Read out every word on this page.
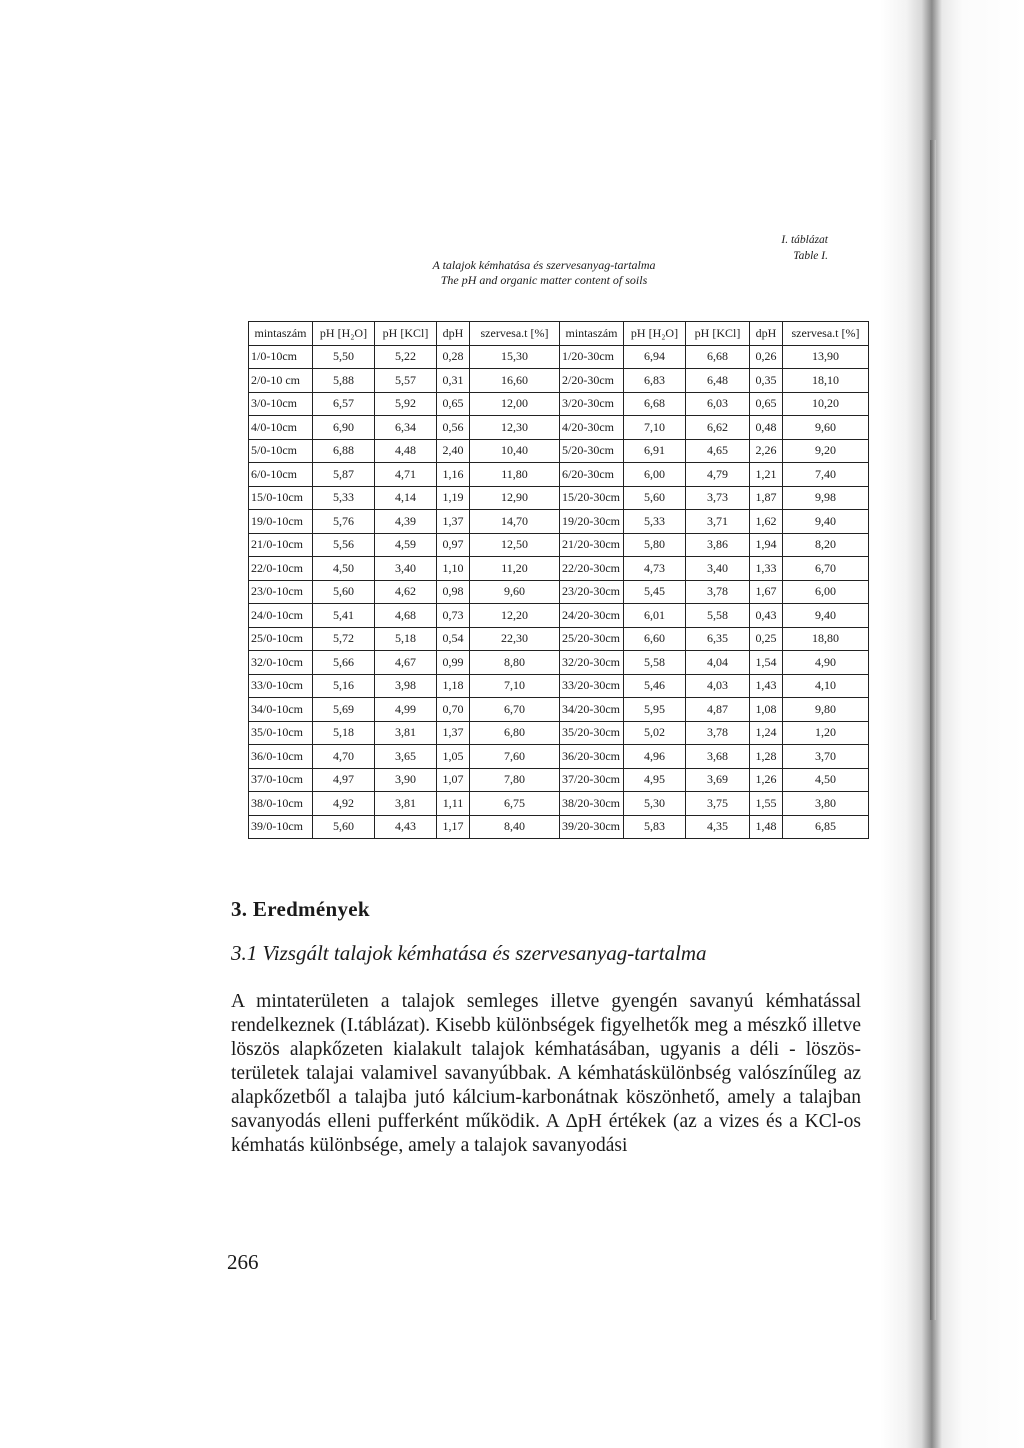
I. táblázat
Table I.
A talajok kémhatása és szervesanyag-tartalma
The pH and organic matter content of soils
mintaszám	pH [H₂O]	pH [KCl]	dpH	szervesa.t [%]	mintaszám	pH [H₂O]	pH [KCl]	dpH	szervesa.t [%]
1/0-10cm	5,50	5,22	0,28	15,30	1/20-30cm	6,94	6,68	0,26	13,90
2/0-10 cm	5,88	5,57	0,31	16,60	2/20-30cm	6,83	6,48	0,35	18,10
3/0-10cm	6,57	5,92	0,65	12,00	3/20-30cm	6,68	6,03	0,65	10,20
4/0-10cm	6,90	6,34	0,56	12,30	4/20-30cm	7,10	6,62	0,48	9,60
5/0-10cm	6,88	4,48	2,40	10,40	5/20-30cm	6,91	4,65	2,26	9,20
6/0-10cm	5,87	4,71	1,16	11,80	6/20-30cm	6,00	4,79	1,21	7,40
15/0-10cm	5,33	4,14	1,19	12,90	15/20-30cm	5,60	3,73	1,87	9,98
19/0-10cm	5,76	4,39	1,37	14,70	19/20-30cm	5,33	3,71	1,62	9,40
21/0-10cm	5,56	4,59	0,97	12,50	21/20-30cm	5,80	3,86	1,94	8,20
22/0-10cm	4,50	3,40	1,10	11,20	22/20-30cm	4,73	3,40	1,33	6,70
23/0-10cm	5,60	4,62	0,98	9,60	23/20-30cm	5,45	3,78	1,67	6,00
24/0-10cm	5,41	4,68	0,73	12,20	24/20-30cm	6,01	5,58	0,43	9,40
25/0-10cm	5,72	5,18	0,54	22,30	25/20-30cm	6,60	6,35	0,25	18,80
32/0-10cm	5,66	4,67	0,99	8,80	32/20-30cm	5,58	4,04	1,54	4,90
33/0-10cm	5,16	3,98	1,18	7,10	33/20-30cm	5,46	4,03	1,43	4,10
34/0-10cm	5,69	4,99	0,70	6,70	34/20-30cm	5,95	4,87	1,08	9,80
35/0-10cm	5,18	3,81	1,37	6,80	35/20-30cm	5,02	3,78	1,24	1,20
36/0-10cm	4,70	3,65	1,05	7,60	36/20-30cm	4,96	3,68	1,28	3,70
37/0-10cm	4,97	3,90	1,07	7,80	37/20-30cm	4,95	3,69	1,26	4,50
38/0-10cm	4,92	3,81	1,11	6,75	38/20-30cm	5,30	3,75	1,55	3,80
39/0-10cm	5,60	4,43	1,17	8,40	39/20-30cm	5,83	4,35	1,48	6,85
3. Eredmények
3.1 Vizsgált talajok kémhatása és szervesanyag-tartalma

A mintaterületen a talajok semleges illetve gyengén savanyú kémhatással rendelkeznek (I.táblázat). Kisebb különbségek figyelhetők meg a mészkő illetve löszös alapkőzeten kialakult talajok kémhatásában, ugyanis a déli - löszös- területek talajai valamivel savanyúbbak. A kémhatáskülönbség valószínűleg az alapkőzetből a talajba jutó kálcium-karbonátnak köszönhető, amely a talajban savanyodás elleni pufferként működik. A ΔpH értékek (az a vizes és a KCl-os kémhatás különbsége, amely a talajok savanyodási

266
